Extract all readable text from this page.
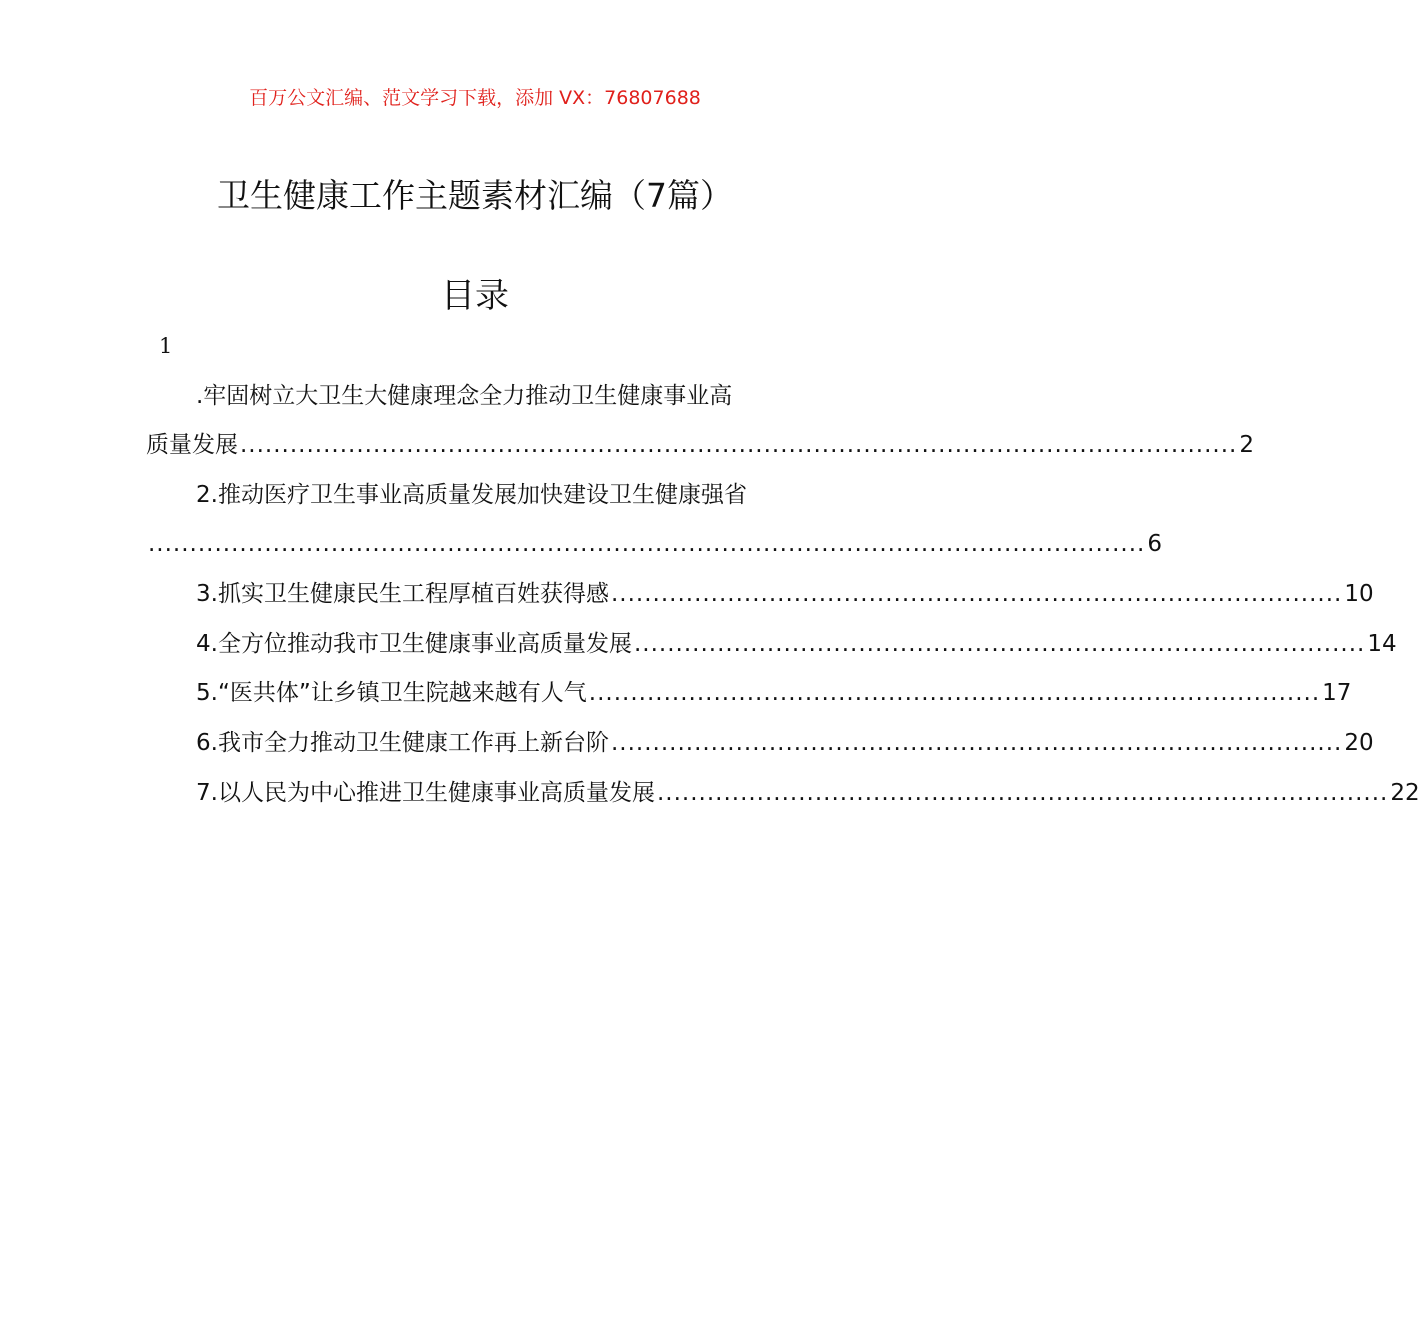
百万公文汇编、范文学习下载，添加 VX：76807688
卫生健康工作主题素材汇编（7篇）
目录
1
.牢固树立大卫生大健康理念全力推动卫生健康事业高
质量发展 ........................................................................................................................ 2
2.推动医疗卫生事业高质量发展加快建设卫生健康强省
........................................................................................................................ 6
3.抓实卫生健康民生工程厚植百姓获得感 ........................................................................................ 10
4.全方位推动我市卫生健康事业高质量发展 ........................................................................................ 14
5.“医共体”让乡镇卫生院越来越有人气 ........................................................................................ 17
6.我市全力推动卫生健康工作再上新台阶 ........................................................................................ 20
7.以人民为中心推进卫生健康事业高质量发展 ........................................................................................ 22
